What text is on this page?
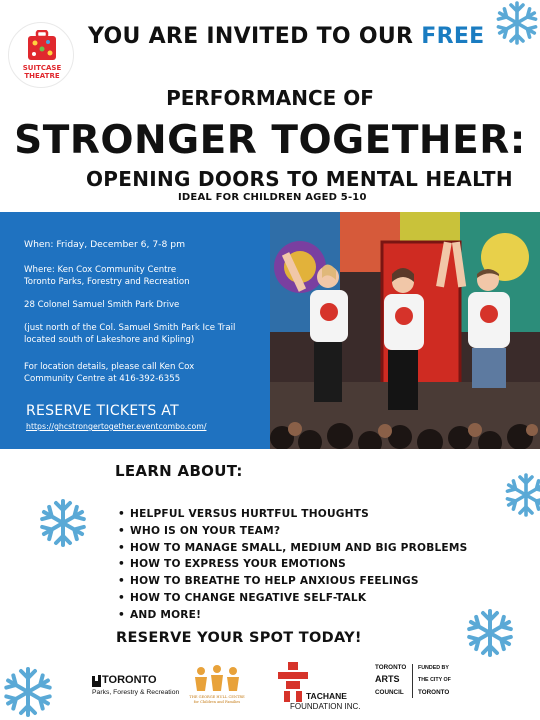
SUITCASE
THEATRE
YOU ARE INVITED TO OUR FREE
PERFORMANCE OF
STRONGER TOGETHER:
OPENING DOORS TO MENTAL HEALTH
IDEAL FOR CHILDREN AGED 5-10

When: Friday, December 6, 7-8 pm

Where: Ken Cox Community Centre

Toronto Parks, Forestry and Recreation

28 Colonel Samuel Smith Park Drive

(just north of the Col. Samuel Smith Park Ice Trail

located south of Lakeshore and Kipling)

For location details, please call Ken Cox

Community Centre at 416-392-6355

RESERVE TICKETS AT
https://ghcstrongertogether.eventcombo.com/
LEARN ABOUT:
• HELPFUL VERSUS HURTFUL THOUGHTS
• WHO IS ON YOUR TEAM?
• HOW TO MANAGE SMALL, MEDIUM AND BIG PROBLEMS
• HOW TO EXPRESS YOUR EMOTIONS
• HOW TO BREATHE TO HELP ANXIOUS FEELINGS
• HOW TO CHANGE NEGATIVE SELF-TALK
• AND MORE!
RESERVE YOUR SPOT TODAY!
TORONTO
Parks, Forestry & Recreation
THE GEORGE HULL CENTRE
for Children and Families
TACHANE
FOUNDATION INC.
TORONTO
ARTS
COUNCIL
FUNDED BY
THE CITY OF
TORONTO
